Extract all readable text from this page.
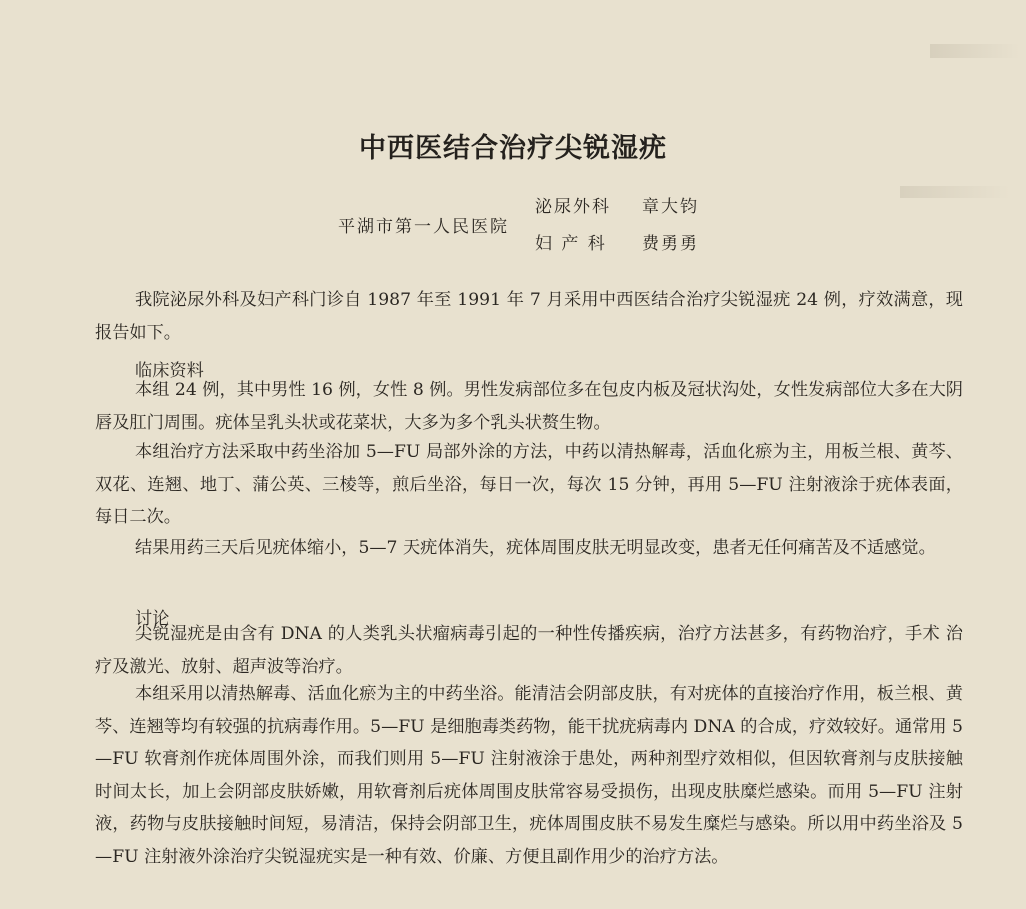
中西医结合治疗尖锐湿疣
平湖市第一人民医院
泌尿外科 章大钧
妇 产 科 费勇勇

我院泌尿外科及妇产科门诊自 1987 年至 1991 年 7 月采用中西医结合治疗尖锐湿疣 24 例，疗效满意，现报告如下。

临床资料

本组 24 例，其中男性 16 例，女性 8 例。男性发病部位多在包皮内板及冠状沟处，女性发病部位大多在大阴唇及肛门周围。疣体呈乳头状或花菜状，大多为多个乳头状赘生物。

本组治疗方法采取中药坐浴加 5—FU 局部外涂的方法，中药以清热解毒，活血化瘀为主，用板兰根、黄芩、双花、连翘、地丁、蒲公英、三棱等，煎后坐浴，每日一次，每次 15 分钟，再用 5—FU 注射液涂于疣体表面，每日二次。

结果用药三天后见疣体缩小，5—7 天疣体消失，疣体周围皮肤无明显改变，患者无任何痛苦及不适感觉。

讨论

尖锐湿疣是由含有 DNA 的人类乳头状瘤病毒引起的一种性传播疾病，治疗方法甚多，有药物治疗，手术 治疗及激光、放射、超声波等治疗。

本组采用以清热解毒、活血化瘀为主的中药坐浴。能清洁会阴部皮肤，有对疣体的直接治疗作用，板兰根、黄芩、连翘等均有较强的抗病毒作用。5—FU 是细胞毒类药物，能干扰疣病毒内 DNA 的合成，疗效较好。通常用 5—FU 软膏剂作疣体周围外涂，而我们则用 5—FU 注射液涂于患处，两种剂型疗效相似，但因软膏剂与皮肤接触时间太长，加上会阴部皮肤娇嫩，用软膏剂后疣体周围皮肤常容易受损伤，出现皮肤糜烂感染。而用 5—FU 注射液，药物与皮肤接触时间短，易清洁，保持会阴部卫生，疣体周围皮肤不易发生糜烂与感染。所以用中药坐浴及 5—FU 注射液外涂治疗尖锐湿疣实是一种有效、价廉、方便且副作用少的治疗方法。
